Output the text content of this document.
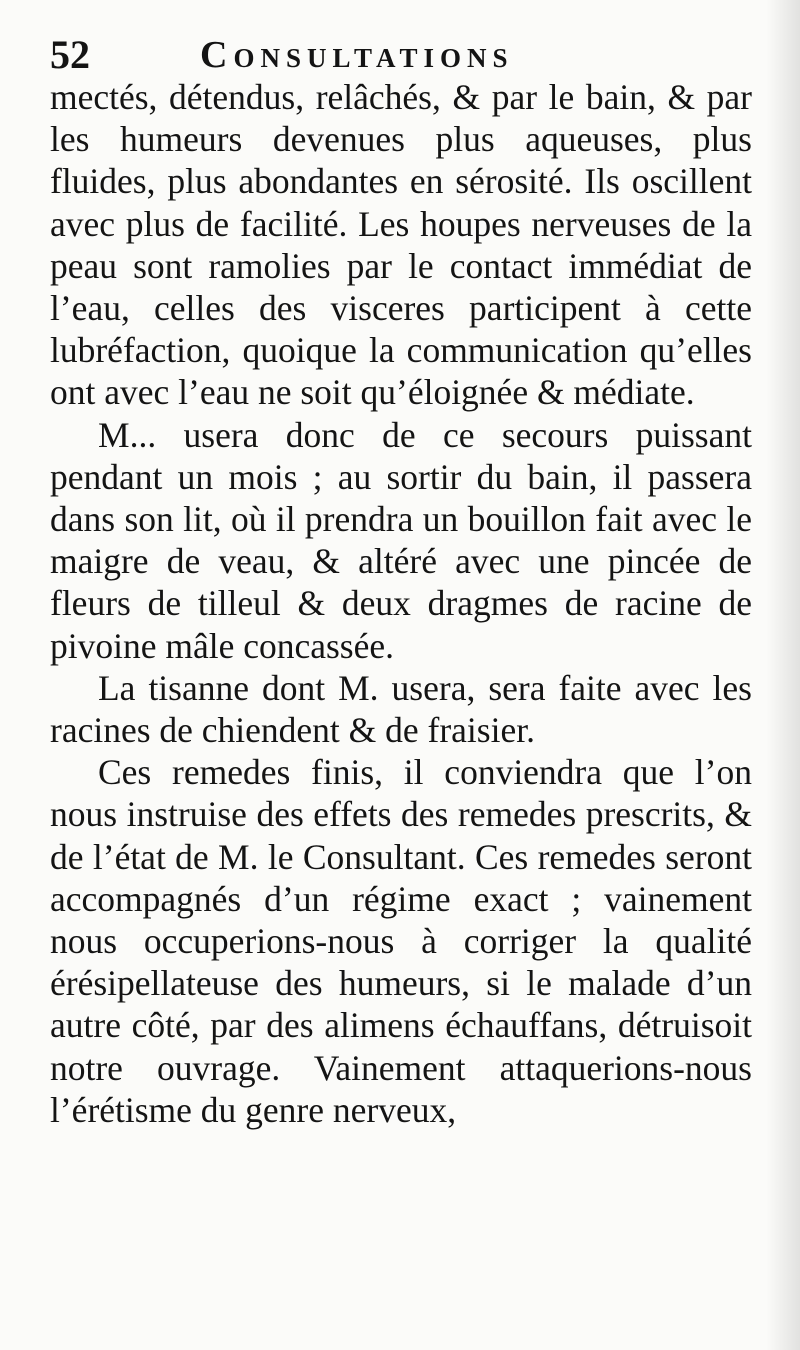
52	Consultations

mectés, détendus, relâchés, & par le bain, & par les humeurs devenues plus aqueuses, plus fluides, plus abondantes en sérosité. Ils oscillent avec plus de facilité. Les houpes nerveuses de la peau sont ramolies par le contact immédiat de l’eau, celles des visceres participent à cette lubréfaction, quoique la communication qu’elles ont avec l’eau ne soit qu’éloignée & médiate.

M... usera donc de ce secours puissant pendant un mois ; au sortir du bain, il passera dans son lit, où il prendra un bouillon fait avec le maigre de veau, & altéré avec une pincée de fleurs de tilleul & deux dragmes de racine de pivoine mâle concassée.

La tisanne dont M. usera, sera faite avec les racines de chiendent & de fraisier.

Ces remedes finis, il conviendra que l’on nous instruise des effets des remedes prescrits, & de l’état de M. le Consultant. Ces remedes seront accompagnés d’un régime exact ; vainement nous occuperions-nous à corriger la qualité érésipellateuse des humeurs, si le malade d’un autre côté, par des alimens échauffans, détruisoit notre ouvrage. Vainement attaquerions-nous l’érétisme du genre nerveux,
